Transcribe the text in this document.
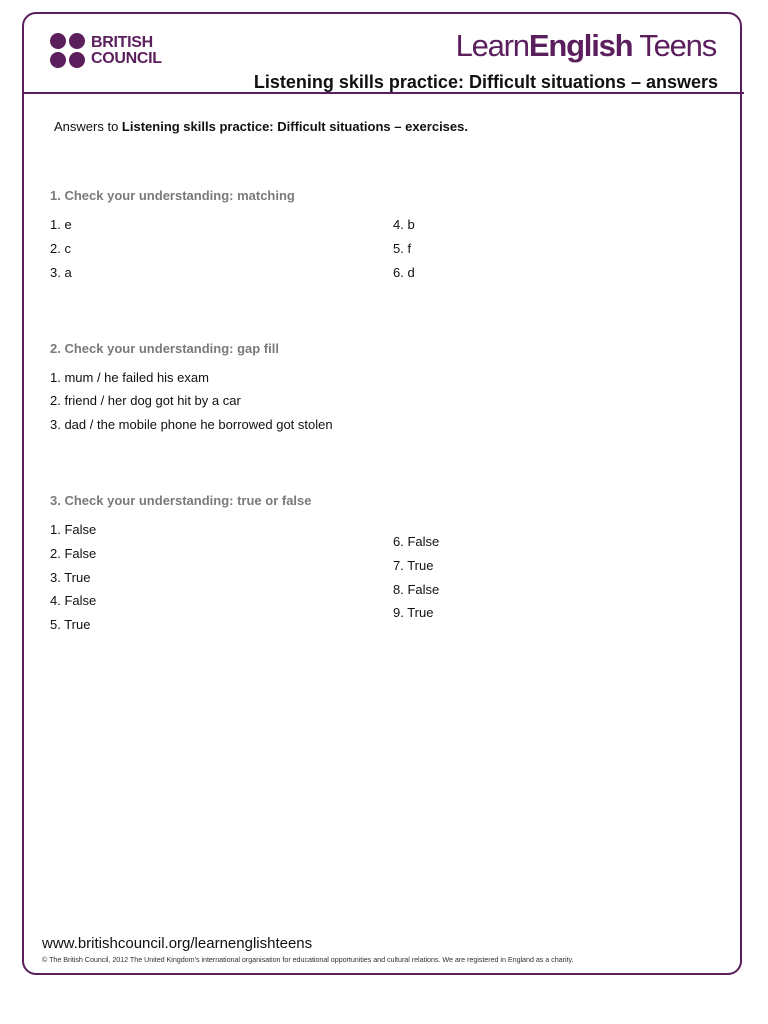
BRITISH
COUNCIL	LearnEnglish Teens
Listening skills practice: Difficult situations – answers
Answers to Listening skills practice: Difficult situations – exercises.
1. Check your understanding: matching
1. e
2. c
3. a
4. b
5. f
6. d
2. Check your understanding: gap fill
1. mum / he failed his exam
2. friend / her dog got hit by a car
3. dad / the mobile phone he borrowed got stolen
3. Check your understanding: true or false
1. False
2. False
3. True
4. False
5. True
6. False
7. True
8. False
9. True
www.britishcouncil.org/learnenglishteens
© The British Council, 2012 The United Kingdom’s international organisation for educational opportunities and cultural relations. We are registered in England as a charity.
